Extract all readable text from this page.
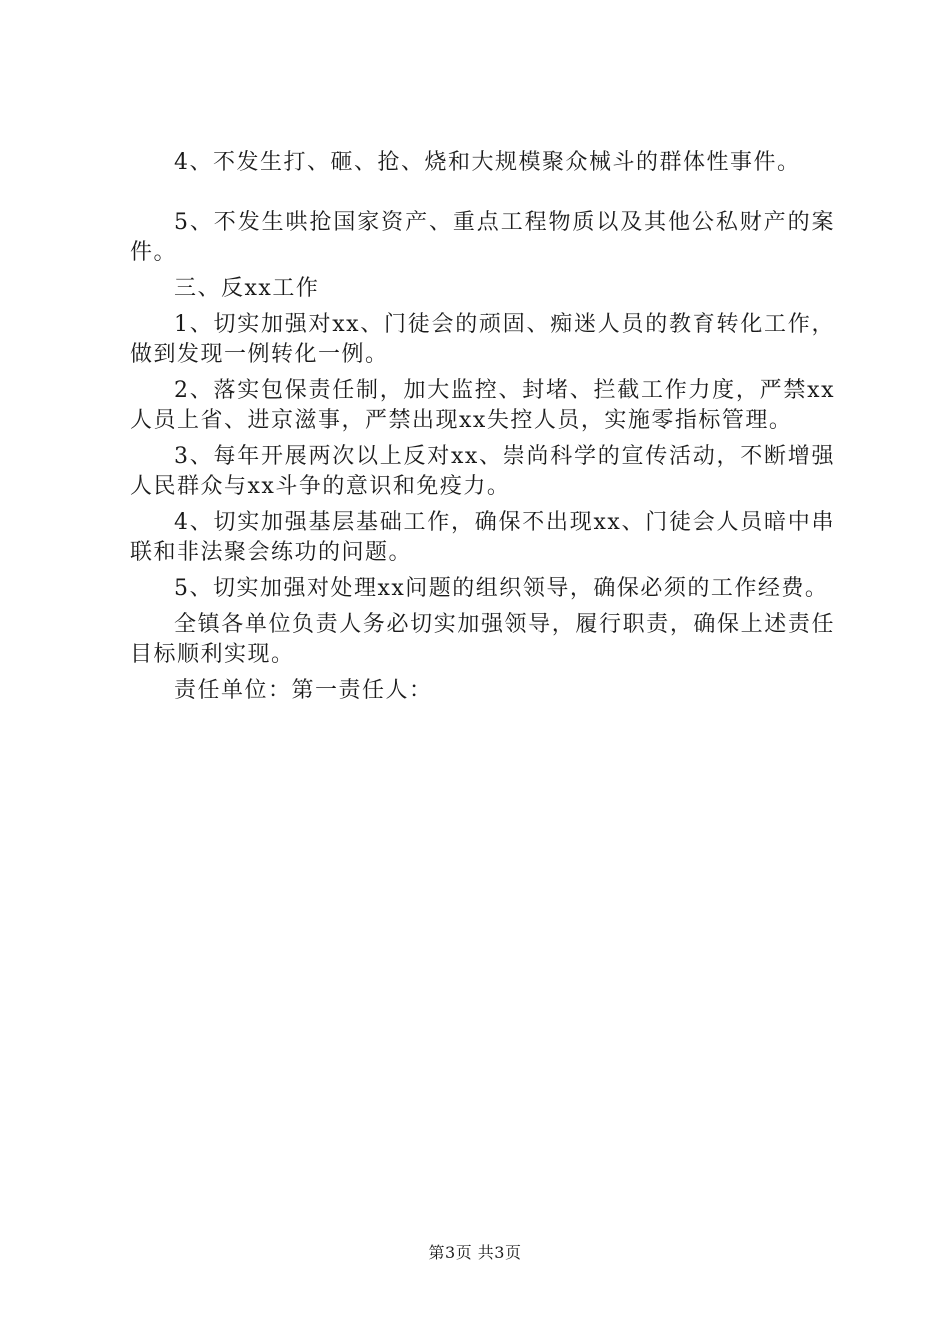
4、不发生打、砸、抢、烧和大规模聚众械斗的群体性事件。

5、不发生哄抢国家资产、重点工程物质以及其他公私财产的案件。

三、反xx工作

1、切实加强对xx、门徒会的顽固、痴迷人员的教育转化工作，做到发现一例转化一例。

2、落实包保责任制，加大监控、封堵、拦截工作力度，严禁xx人员上省、进京滋事，严禁出现xx失控人员，实施零指标管理。

3、每年开展两次以上反对xx、崇尚科学的宣传活动，不断增强人民群众与xx斗争的意识和免疫力。

4、切实加强基层基础工作，确保不出现xx、门徒会人员暗中串联和非法聚会练功的问题。

5、切实加强对处理xx问题的组织领导，确保必须的工作经费。

全镇各单位负责人务必切实加强领导，履行职责，确保上述责任目标顺利实现。

责任单位：第一责任人：

第3页 共3页
